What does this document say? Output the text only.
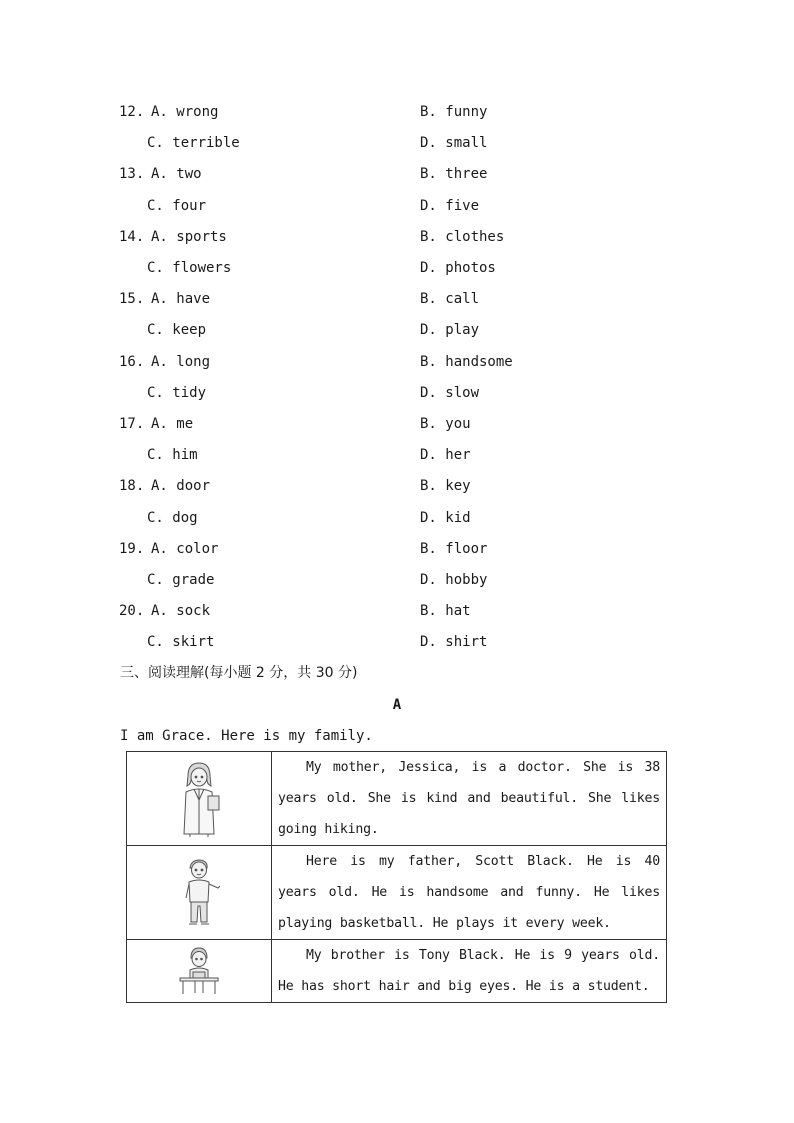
12. A. wrong	B. funny
C. terrible	D. small
13. A. two	B. three
C. four	D. five
14. A. sports	B. clothes
C. flowers	D. photos
15. A. have	B. call
C. keep	D. play
16. A. long	B. handsome
C. tidy	D. slow
17. A. me	B. you
C. him	D. her
18. A. door	B. key
C. dog	D. kid
19. A. color	B. floor
C. grade	D. hobby
20. A. sock	B. hat
C. skirt	D. shirt
三、阅读理解(每小题 2 分，共 30 分)
A
I am Grace. Here is my family.
	My mother, Jessica, is a doctor. She is 38 years old. She is kind and beautiful. She likes going hiking.

	Here is my father, Scott Black. He is 40 years old. He is handsome and funny. He likes playing basketball. He plays it every week.

	My brother is Tony Black. He is 9 years old. He has short hair and big eyes. He is a student.
